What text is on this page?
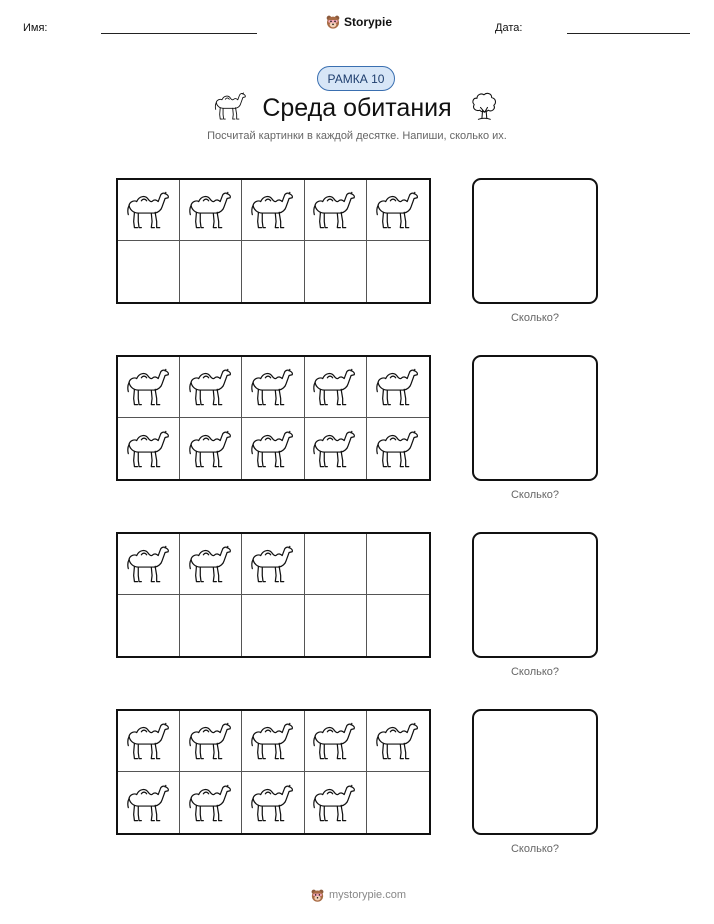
Имя:	Storypie	Дата:
РАМКА 10
Среда обитания
Посчитай картинки в каждой десятке. Напиши, сколько их.
Сколько?
Сколько?
Сколько?
Сколько?
mystorypie.com
